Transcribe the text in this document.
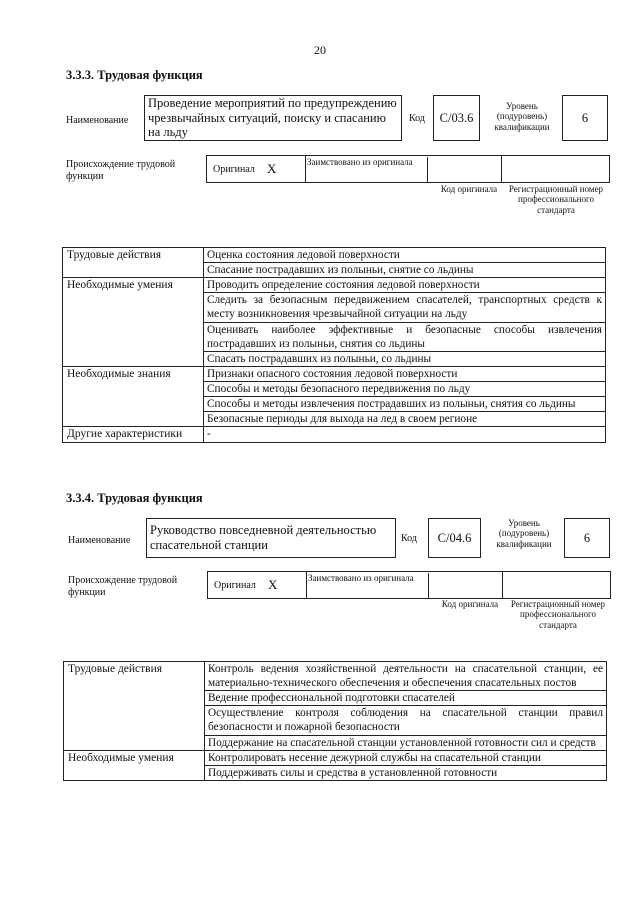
20
3.3.3. Трудовая функция
Наименование
Проведение мероприятий по предупреждению чрезвычайных ситуаций, поиску и спасанию на льду
Код	C/03.6
Уровень (подуровень) квалификации
6
Происхождение трудовой функции
Оригинал X	Заимствовано из оригинала
Код оригинала	Регистрационный номер профессионального стандарта
Трудовые действия	Оценка состояния ледовой поверхности
	Спасание пострадавших из полыньи, снятие со льдины
Необходимые умения	Проводить определение состояния ледовой поверхности
	Следить за безопасным передвижением спасателей, транспортных средств к месту возникновения чрезвычайной ситуации на льду
	Оценивать наиболее эффективные и безопасные способы извлечения пострадавших из полыньи, снятия со льдины
	Спасать пострадавших из полыньи, со льдины
Необходимые знания	Признаки опасного состояния ледовой поверхности
	Способы и методы безопасного передвижения по льду
	Способы и методы извлечения пострадавших из полыньи, снятия со льдины
	Безопасные периоды для выхода на лед в своем регионе
Другие характеристики	-
3.3.4. Трудовая функция
Наименование
Руководство повседневной деятельностью спасательной станции	Код	C/04.6
Уровень (подуровень) квалификации	6
Происхождение трудовой функции
Оригинал X	Заимствовано из оригинала
Код оригинала	Регистрационный номер профессионального стандарта
Трудовые действия	Контроль ведения хозяйственной деятельности на спасательной станции, ее материально-технического обеспечения и обеспечения спасательных постов
	Ведение профессиональной подготовки спасателей
	Осуществление контроля соблюдения на спасательной станции правил безопасности и пожарной безопасности
	Поддержание на спасательной станции установленной готовности сил и средств
Необходимые умения	Контролировать несение дежурной службы на спасательной станции
	Поддерживать силы и средства в установленной готовности
